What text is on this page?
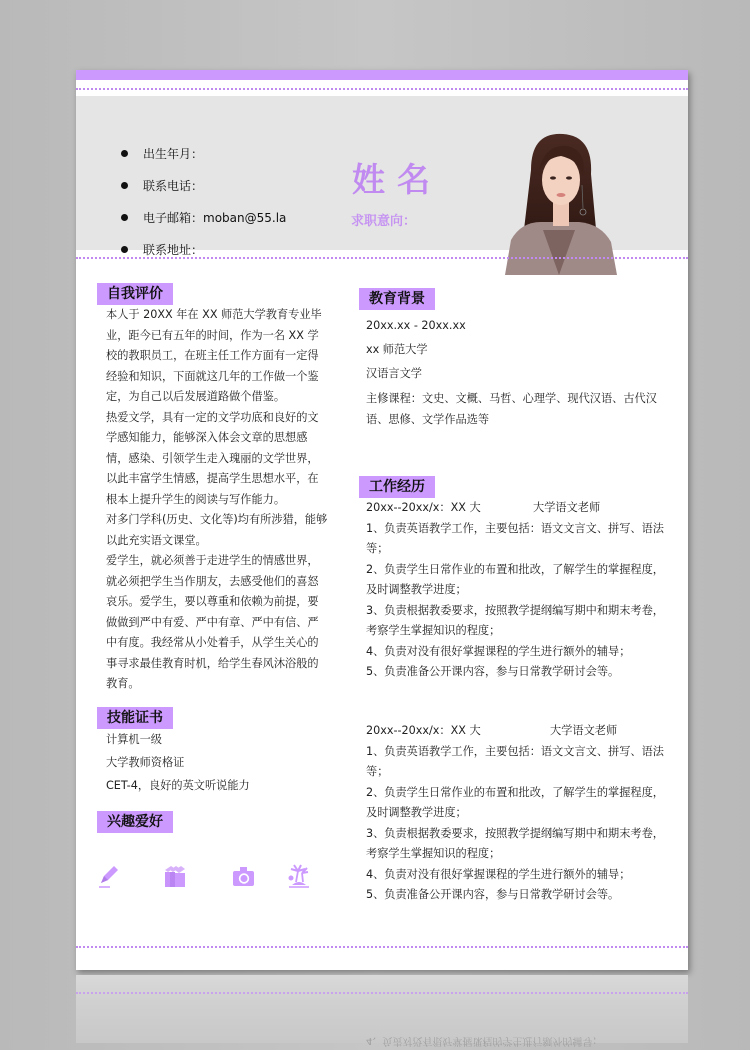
出生年月：
联系电话：
电子邮箱：moban@55.la
联系地址：
姓名
求职意向：
自我评价

本人于 20XX 年在 XX 师范大学教育专业毕业，距今已有五年的时间，作为一名 XX 学校的教职员工，在班主任工作方面有一定得经验和知识，下面就这几年的工作做一个鉴定，为自己以后发展道路做个借鉴。

热爱文学，具有一定的文学功底和良好的文学感知能力，能够深入体会文章的思想感情，感染、引领学生走入瑰丽的文学世界，以此丰富学生情感，提高学生思想水平，在根本上提升学生的阅读与写作能力。

对多门学科(历史、文化等)均有所涉猎，能够以此充实语文课堂。

爱学生，就必须善于走进学生的情感世界，就必须把学生当作朋友，去感受他们的喜怒哀乐。爱学生，要以尊重和依赖为前提，要做做到严中有爱、严中有章、严中有信、严中有度。我经常从小处着手，从学生关心的事寻求最佳教育时机，给学生春风沐浴般的教育。

技能证书

计算机一级

大学教师资格证

CET-4，良好的英文听说能力

兴趣爱好
教育背景
20xx.xx - 20xx.xx
xx 师范大学
汉语言文学
主修课程：文史、文概、马哲、心理学、现代汉语、古代汉语、思修、文学作品选等
工作经历
20xx--20xx/x：XX 大	大学语文老师

1、负责英语教学工作，主要包括：语文文言文、拼写、语法等；

2、负责学生日常作业的布置和批改，了解学生的掌握程度，及时调整教学进度；

3、负责根据教委要求，按照教学提纲编写期中和期末考卷，考察学生掌握知识的程度；

4、负责对没有很好掌握课程的学生进行额外的辅导；

5、负责准备公开课内容，参与日常教学研讨会等。

20xx--20xx/x：XX 大	大学语文老师

1、负责英语教学工作，主要包括：语文文言文、拼写、语法等；

2、负责学生日常作业的布置和批改，了解学生的掌握程度，及时调整教学进度；

3、负责根据教委要求，按照教学提纲编写期中和期末考卷，考察学生掌握知识的程度；

4、负责对没有很好掌握课程的学生进行额外的辅导；

5、负责准备公开课内容，参与日常教学研讨会等。

4、负责对没有很好掌握课程的学生进行额外的辅导；
